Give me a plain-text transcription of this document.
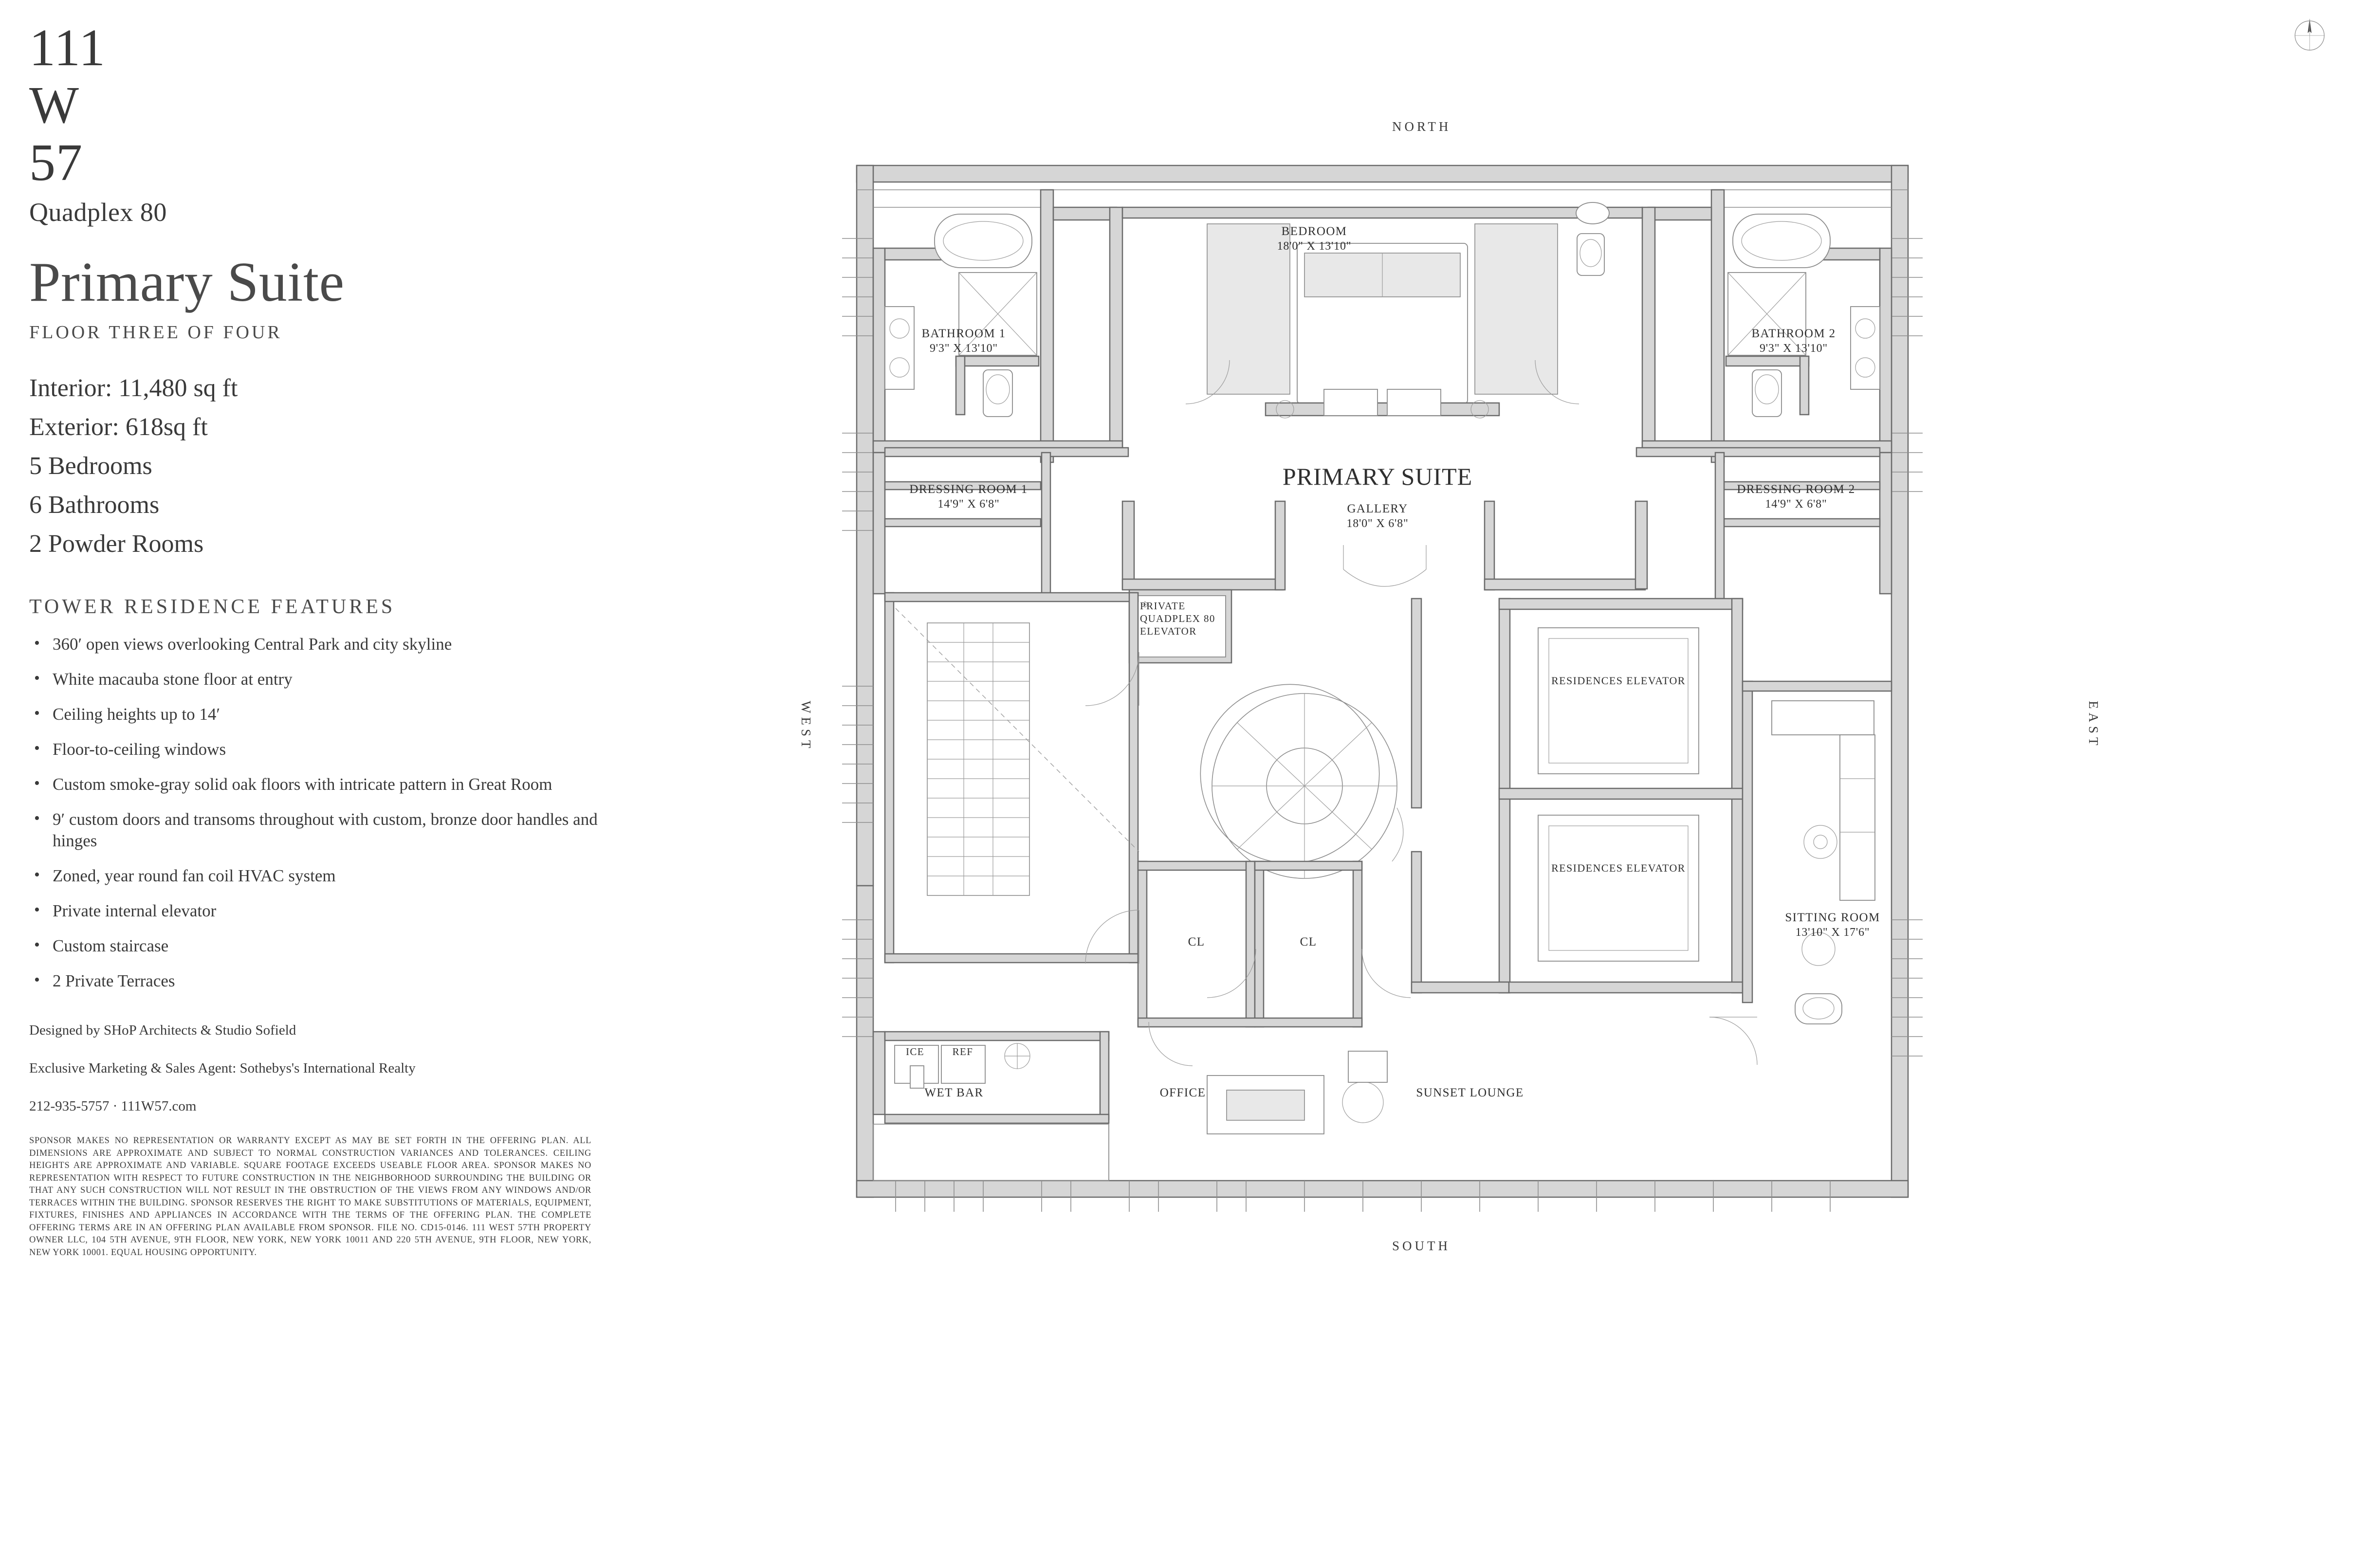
111
W
57
Quadplex 80
Primary Suite
FLOOR THREE OF FOUR
Interior: 11,480 sq ft
Exterior: 618sq ft
5 Bedrooms
6 Bathrooms
2 Powder Rooms
TOWER RESIDENCE FEATURES
• 360ʹ open views overlooking Central Park and city skyline
• White macauba stone floor at entry
• Ceiling heights up to 14′
• Floor-to-ceiling windows
• Custom smoke-gray solid oak floors with intricate pattern in Great Room
• 9′ custom doors and transoms throughout with custom, bronze door handles and hinges
• Zoned, year round fan coil HVAC system
• Private internal elevator
• Custom staircase
• 2 Private Terraces
Designed by SHoP Architects & Studio Sofield
Exclusive Marketing & Sales Agent: Sothebys's International Realty
212-935-5757 · 111W57.com
SPONSOR MAKES NO REPRESENTATION OR WARRANTY EXCEPT AS MAY BE SET FORTH IN THE OFFERING PLAN. ALL DIMENSIONS ARE APPROXIMATE AND SUBJECT TO NORMAL CONSTRUCTION VARIANCES AND TOLERANCES. CEILING HEIGHTS ARE APPROXIMATE AND VARIABLE. SQUARE FOOTAGE EXCEEDS USEABLE FLOOR AREA. SPONSOR MAKES NO REPRESENTATION WITH RESPECT TO FUTURE CONSTRUCTION IN THE NEIGHBORHOOD SURROUNDING THE BUILDING OR THAT ANY SUCH CONSTRUCTION WILL NOT RESULT IN THE OBSTRUCTION OF THE VIEWS FROM ANY WINDOWS AND/OR TERRACES WITHIN THE BUILDING. SPONSOR RESERVES THE RIGHT TO MAKE SUBSTITUTIONS OF MATERIALS, EQUIPMENT, FIXTURES, FINISHES AND APPLIANCES IN ACCORDANCE WITH THE TERMS OF THE OFFERING PLAN. THE COMPLETE OFFERING TERMS ARE IN AN OFFERING PLAN AVAILABLE FROM SPONSOR. FILE NO. CD15-0146. 111 WEST 57TH PROPERTY OWNER LLC, 104 5TH AVENUE, 9TH FLOOR, NEW YORK, NEW YORK 10011 AND 220 5TH AVENUE, 9TH FLOOR, NEW YORK, NEW YORK 10001. EQUAL HOUSING OPPORTUNITY.
NORTH
SOUTH
WEST	EAST
BEDROOM
18'0" X 13'10"
BATHROOM 1
9'3" X 13'10"
BATHROOM 2
9'3" X 13'10"
DRESSING ROOM 1
14'9" X 6'8"
DRESSING ROOM 2
14'9" X 6'8"
PRIMARY SUITE
GALLERY
18'0" X 6'8"
SITTING ROOM
13'10" X 17'6"
PRIVATE QUADPLEX 80 ELEVATOR
RESIDENCES ELEVATOR
RESIDENCES ELEVATOR
CL	CL
WET BAR	OFFICE	SUNSET LOUNGE
ICE	REF
